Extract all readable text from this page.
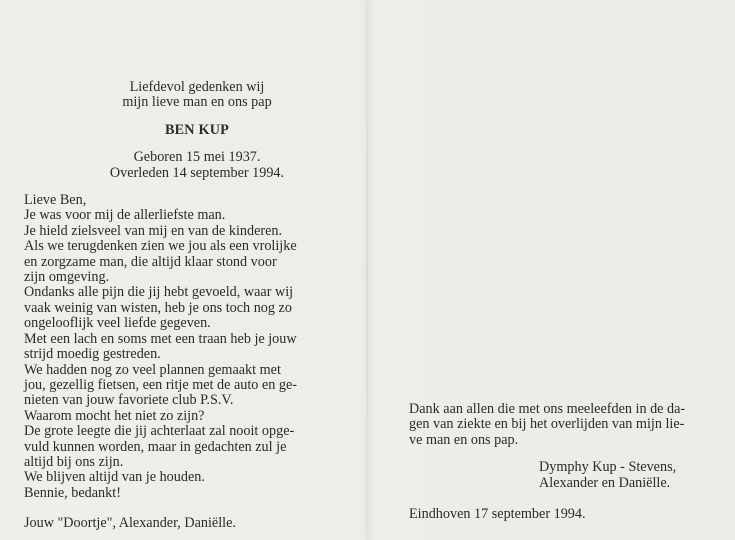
Liefdevol gedenken wij
mijn lieve man en ons pap
BEN KUP
Geboren 15 mei 1937.
Overleden 14 september 1994.
Lieve Ben,
Je was voor mij de allerliefste man.
Je hield zielsveel van mij en van de kinderen.
Als we terugdenken zien we jou als een vrolijke
en zorgzame man, die altijd klaar stond voor
zijn omgeving.
Ondanks alle pijn die jij hebt gevoeld, waar wij
vaak weinig van wisten, heb je ons toch nog zo
ongelooflijk veel liefde gegeven.
Met een lach en soms met een traan heb je jouw
strijd moedig gestreden.
We hadden nog zo veel plannen gemaakt met
jou, gezellig fietsen, een ritje met de auto en ge-
nieten van jouw favoriete club P.S.V.
Waarom mocht het niet zo zijn?
De grote leegte die jij achterlaat zal nooit opge-
vuld kunnen worden, maar in gedachten zul je
altijd bij ons zijn.
We blijven altijd van je houden.
Bennie, bedankt!
Jouw "Doortje", Alexander, Daniëlle.
Dank aan allen die met ons meeleefden in de da-
gen van ziekte en bij het overlijden van mijn lie-
ve man en ons pap.
Dymphy Kup - Stevens,
Alexander en Daniëlle.
Eindhoven 17 september 1994.
